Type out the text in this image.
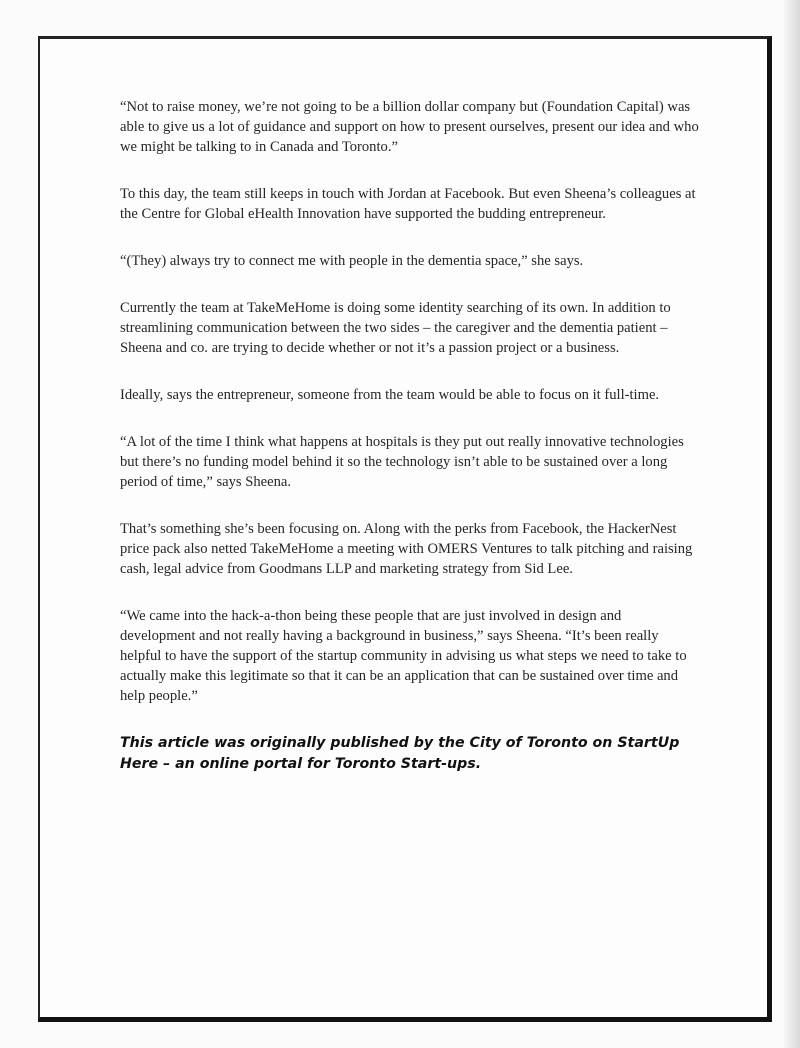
“Not to raise money, we’re not going to be a billion dollar company but (Foundation Capital) was able to give us a lot of guidance and support on how to present ourselves, present our idea and who we might be talking to in Canada and Toronto.”

To this day, the team still keeps in touch with Jordan at Facebook. But even Sheena’s colleagues at the Centre for Global eHealth Innovation have supported the budding entrepreneur.

“(They) always try to connect me with people in the dementia space,” she says.

Currently the team at TakeMeHome is doing some identity searching of its own. In addition to streamlining communication between the two sides – the caregiver and the dementia patient – Sheena and co. are trying to decide whether or not it’s a passion project or a business.

Ideally, says the entrepreneur, someone from the team would be able to focus on it full-time.

“A lot of the time I think what happens at hospitals is they put out really innovative technologies but there’s no funding model behind it so the technology isn’t able to be sustained over a long period of time,” says Sheena.

That’s something she’s been focusing on. Along with the perks from Facebook, the HackerNest price pack also netted TakeMeHome a meeting with OMERS Ventures to talk pitching and raising cash, legal advice from Goodmans LLP and marketing strategy from Sid Lee.

“We came into the hack-a-thon being these people that are just involved in design and development and not really having a background in business,” says Sheena. “It’s been really helpful to have the support of the startup community in advising us what steps we need to take to actually make this legitimate so that it can be an application that can be sustained over time and help people.”

This article was originally published by the City of Toronto on StartUp Here – an online portal for Toronto Start-ups.
